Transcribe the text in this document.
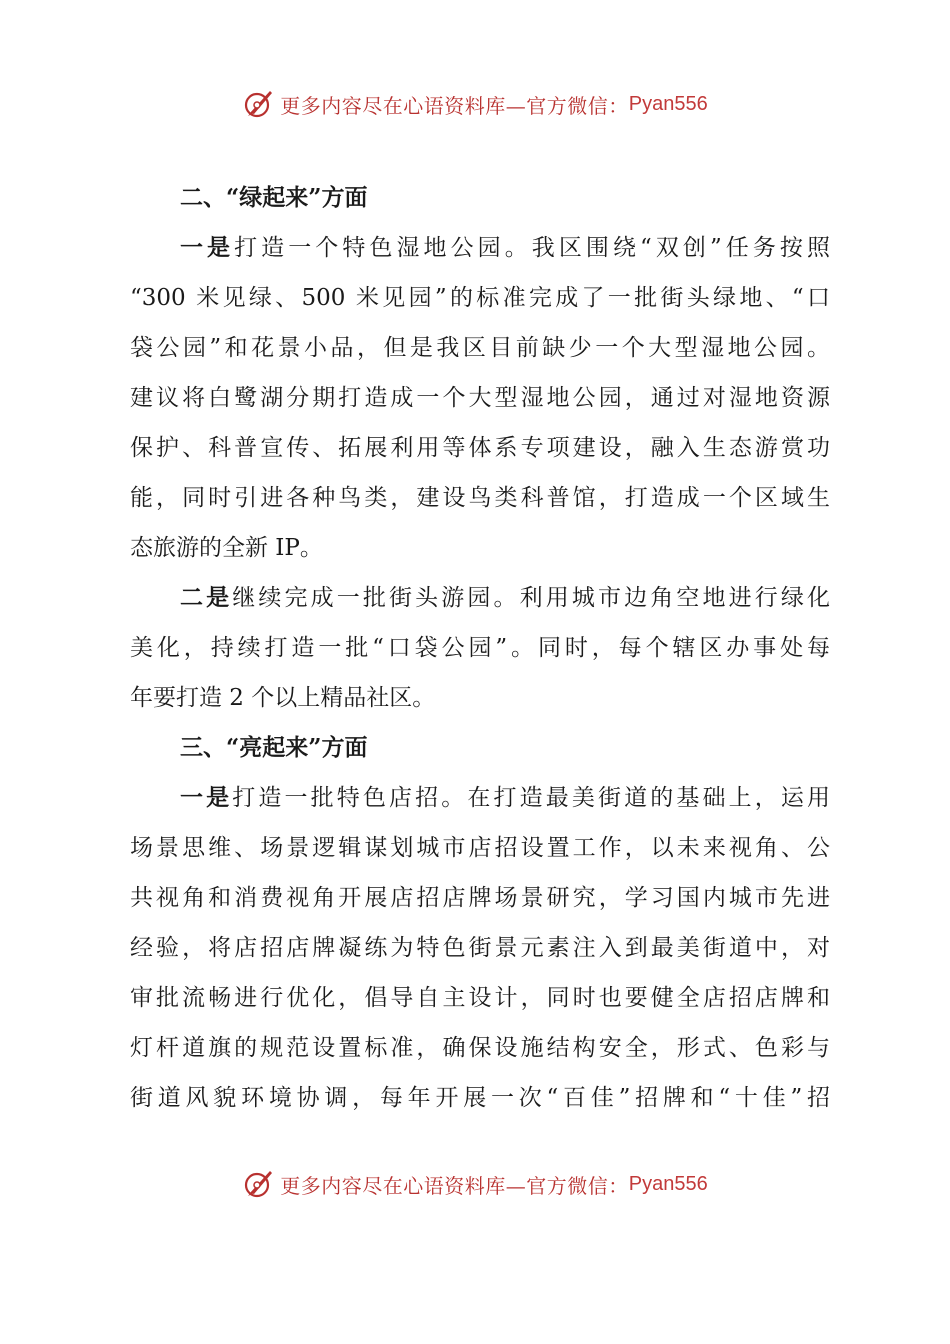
更多内容尽在心语资料库—官方微信： Pyan556
二、“绿起来”方面
一是打造一个特色湿地公园。我区围绕“双创”任务按照
“300 米见绿、500 米见园”的标准完成了一批街头绿地、“口
袋公园”和花景小品，但是我区目前缺少一个大型湿地公园。
建议将白鹭湖分期打造成一个大型湿地公园，通过对湿地资源
保护、科普宣传、拓展利用等体系专项建设，融入生态游赏功
能，同时引进各种鸟类，建设鸟类科普馆，打造成一个区域生
态旅游的全新 IP。
二是继续完成一批街头游园。利用城市边角空地进行绿化
美化，持续打造一批“口袋公园”。同时，每个辖区办事处每
年要打造 2 个以上精品社区。
三、“亮起来”方面
一是打造一批特色店招。在打造最美街道的基础上，运用
场景思维、场景逻辑谋划城市店招设置工作，以未来视角、公
共视角和消费视角开展店招店牌场景研究，学习国内城市先进
经验，将店招店牌凝练为特色街景元素注入到最美街道中，对
审批流畅进行优化，倡导自主设计，同时也要健全店招店牌和
灯杆道旗的规范设置标准，确保设施结构安全，形式、色彩与
街道风貌环境协调，每年开展一次“百佳”招牌和“十佳”招
更多内容尽在心语资料库—官方微信： Pyan556
